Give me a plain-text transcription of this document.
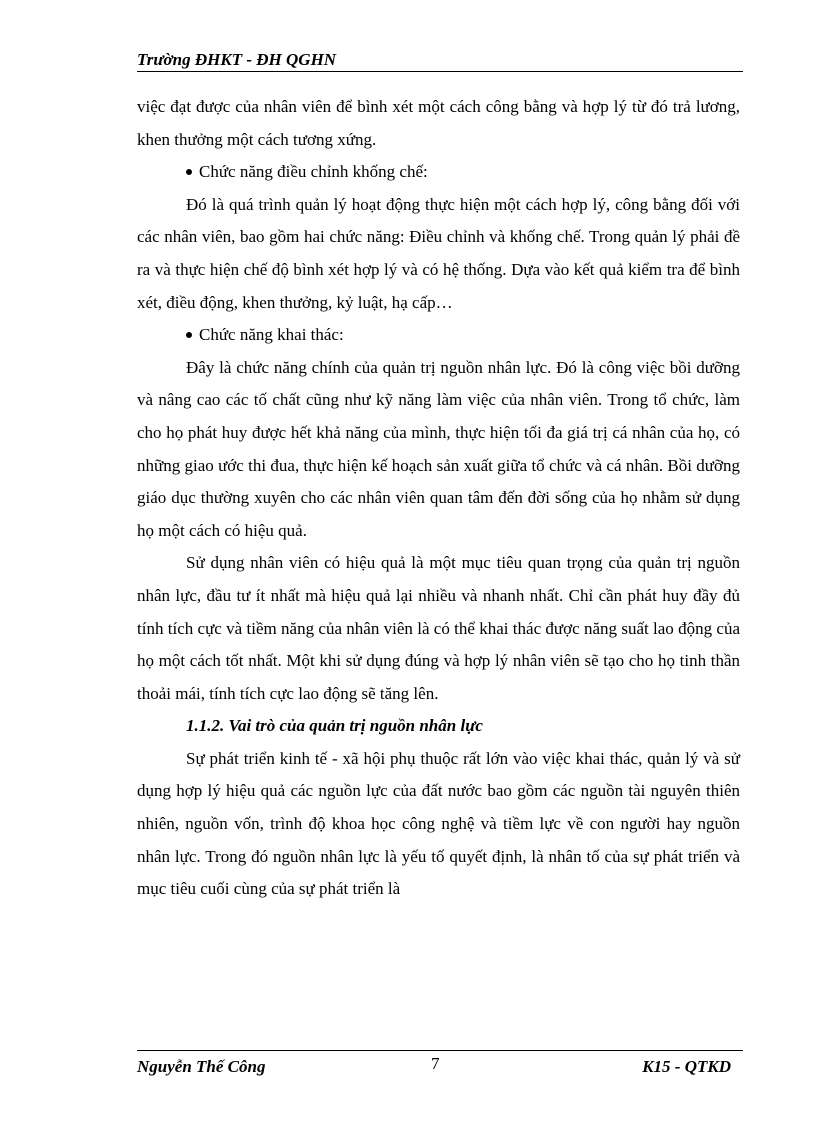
Trường ĐHKT - ĐH QGHN

việc đạt được của nhân viên để bình xét một cách công bằng và hợp lý từ đó trả lương, khen thưởng một cách tương xứng.

Chức năng điều chỉnh khống chế:

Đó là quá trình quản lý hoạt động thực hiện một cách hợp lý, công bằng đối với các nhân viên, bao gồm hai chức năng: Điều chỉnh và khống chế. Trong quản lý phải đề ra và thực hiện chế độ bình xét hợp lý và có hệ thống. Dựa vào kết quả kiểm tra để bình xét, điều động, khen thưởng, kỷ luật, hạ cấp…

Chức năng khai thác:

Đây là chức năng chính của quản trị nguồn nhân lực. Đó là công việc bồi dưỡng và nâng cao các tố chất cũng như kỹ năng làm việc của nhân viên. Trong tổ chức, làm cho họ phát huy được hết khả năng của mình, thực hiện tối đa giá trị cá nhân của họ, có những giao ước thi đua, thực hiện kế hoạch sản xuất giữa tổ chức và cá nhân. Bồi dưỡng giáo dục thường xuyên cho các nhân viên quan tâm đến đời sống của họ nhằm sử dụng họ một cách có hiệu quả.

Sử dụng nhân viên có hiệu quả là một mục tiêu quan trọng của quản trị nguồn nhân lực, đầu tư ít nhất mà hiệu quả lại nhiều và nhanh nhất. Chỉ cần phát huy đầy đủ tính tích cực và tiềm năng của nhân viên là có thể khai thác được năng suất lao động của họ một cách tốt nhất. Một khi sử dụng đúng và hợp lý nhân viên sẽ tạo cho họ tinh thần thoải mái, tính tích cực lao động sẽ tăng lên.

1.1.2. Vai trò của quản trị nguồn nhân lực

Sự phát triển kinh tế - xã hội phụ thuộc rất lớn vào việc khai thác, quản lý và sử dụng hợp lý hiệu quả các nguồn lực của đất nước bao gồm các nguồn tài nguyên thiên nhiên, nguồn vốn, trình độ khoa học công nghệ và tiềm lực về con người hay nguồn nhân lực. Trong đó nguồn nhân lực là yếu tố quyết định, là nhân tố của sự phát triển và mục tiêu cuối cùng của sự phát triển là

Nguyễn Thế Công	7	K15 - QTKD
